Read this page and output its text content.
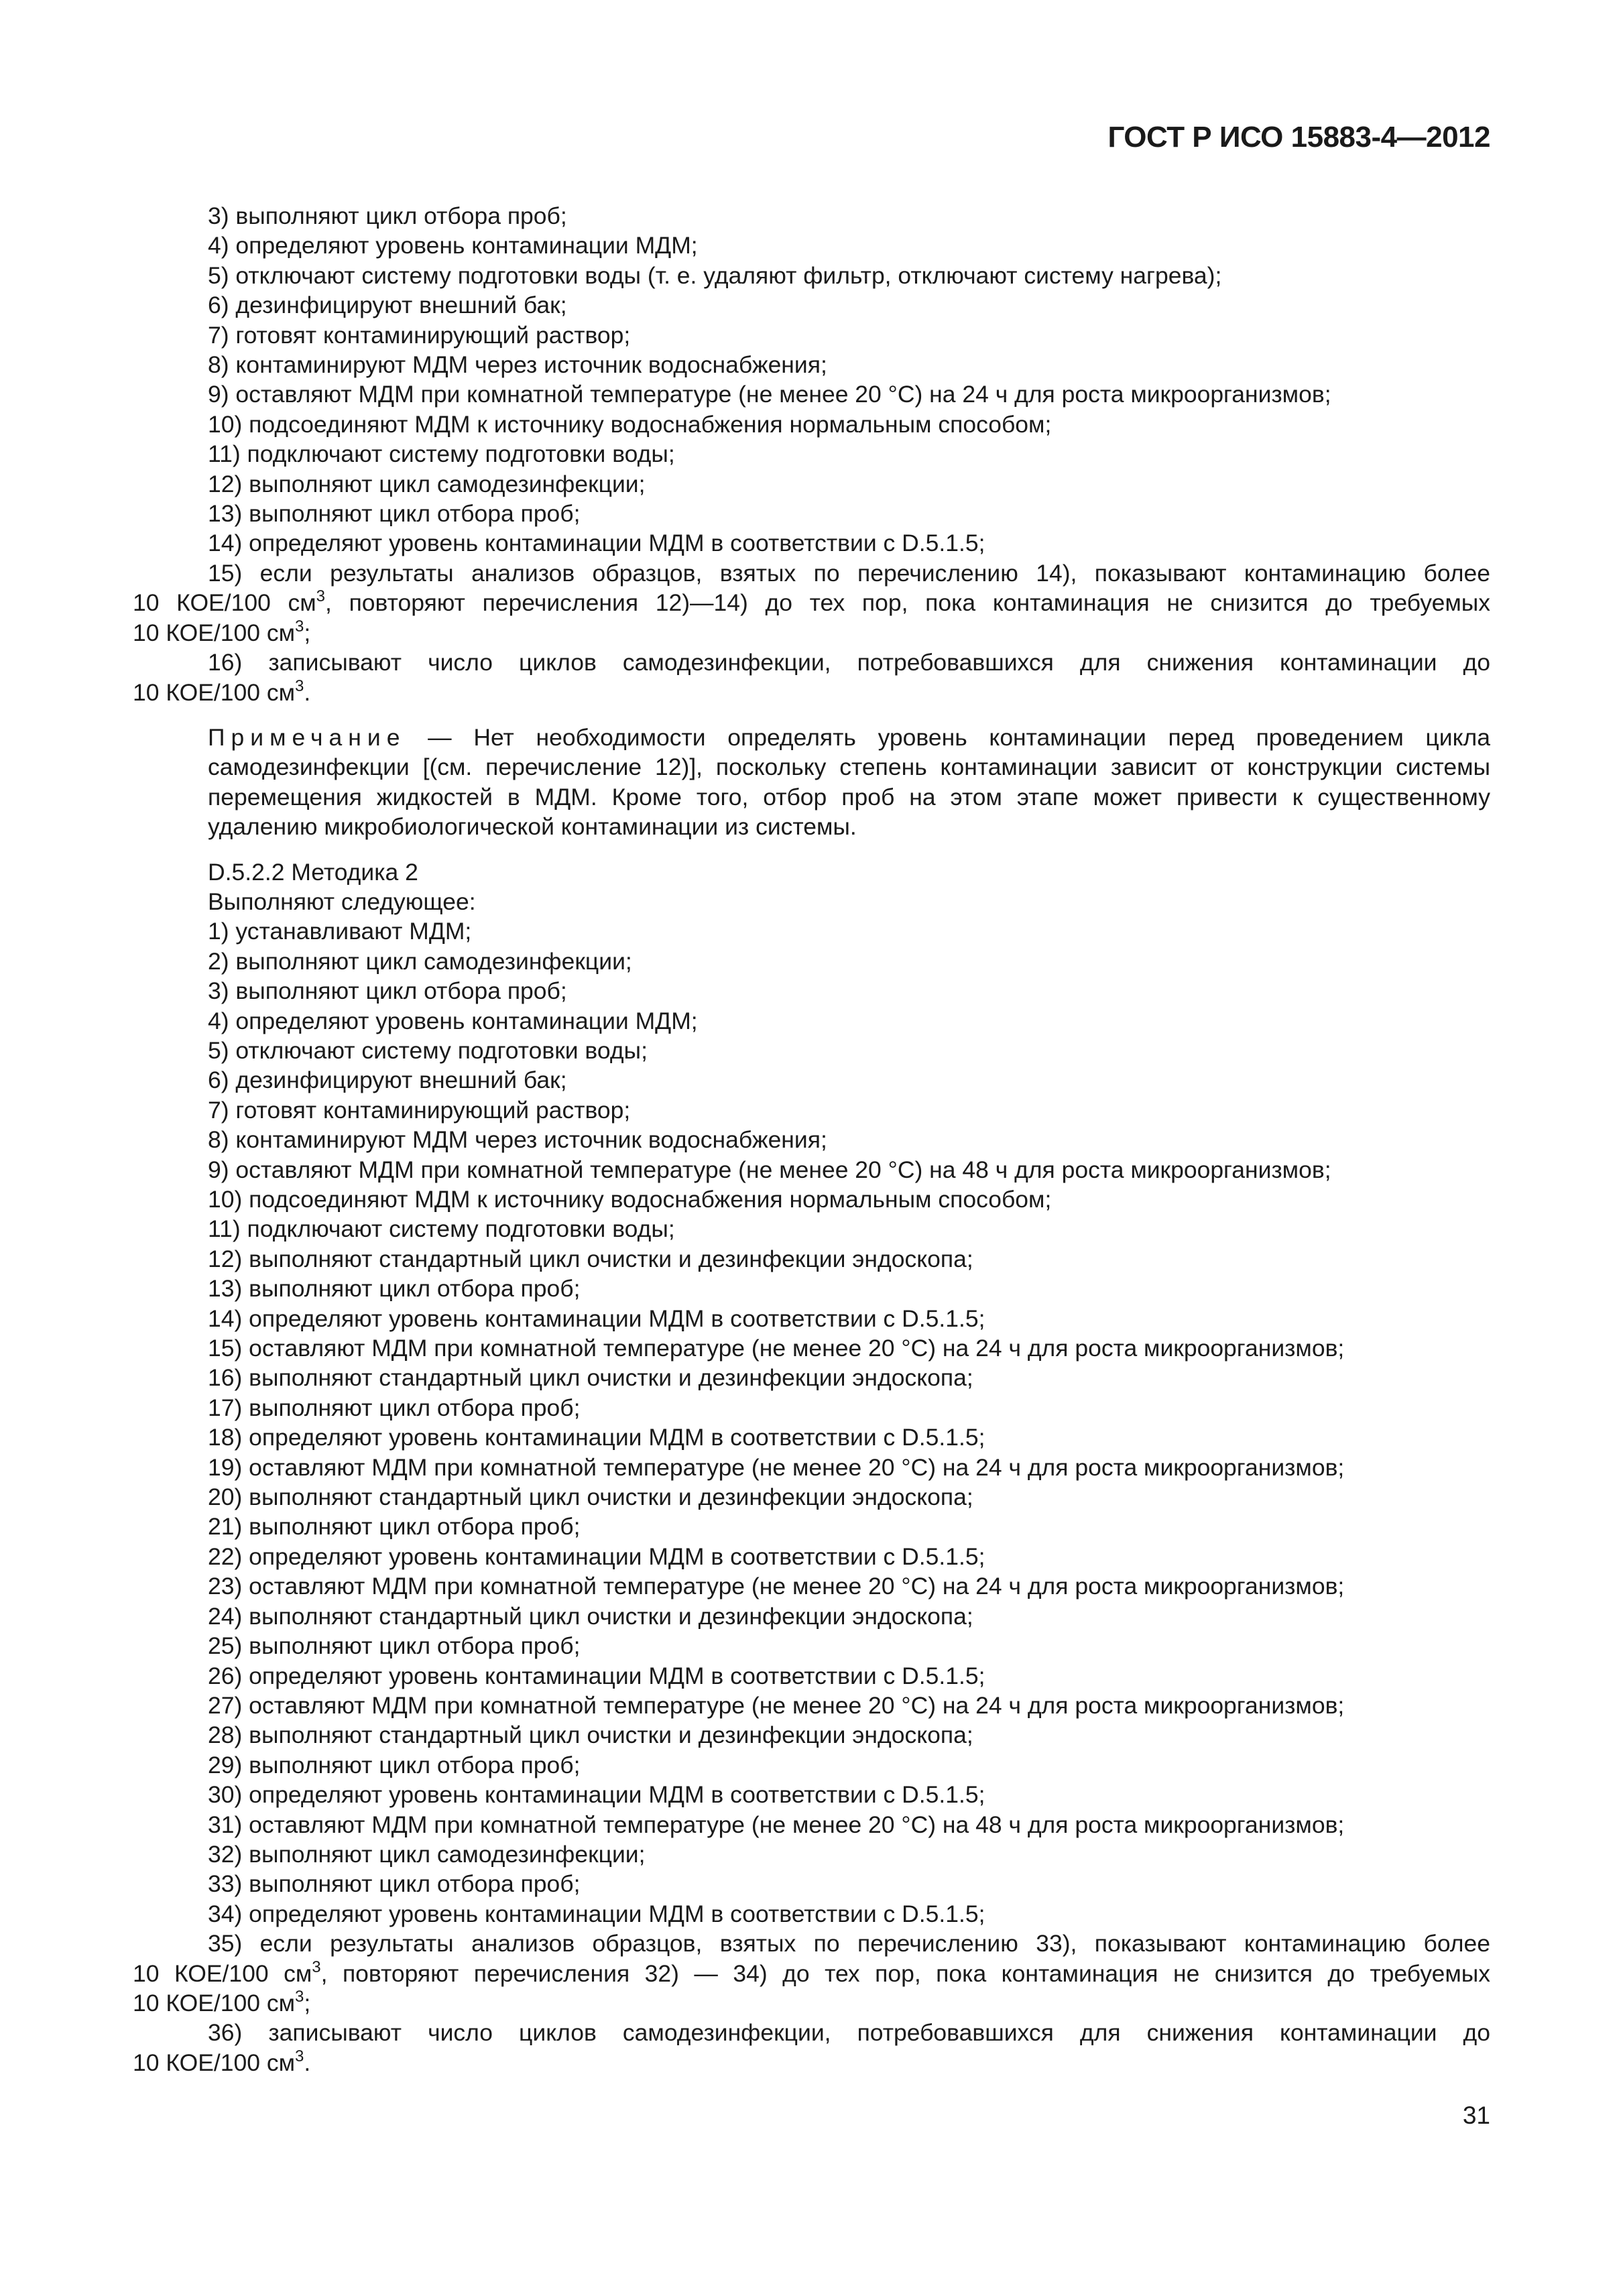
ГОСТ Р ИСО 15883-4—2012
3) выполняют цикл отбора проб;
4) определяют уровень контаминации МДМ;
5) отключают систему подготовки воды (т. е. удаляют фильтр, отключают систему нагрева);
6) дезинфицируют внешний бак;
7) готовят контаминирующий раствор;
8) контаминируют МДМ через источник водоснабжения;
9) оставляют МДМ при комнатной температуре (не менее 20 °С) на 24 ч для роста микроорганизмов;
10) подсоединяют МДМ к источнику водоснабжения нормальным способом;
11) подключают систему подготовки воды;
12) выполняют цикл самодезинфекции;
13) выполняют цикл отбора проб;
14) определяют уровень контаминации МДМ в соответствии с D.5.1.5;
15) если результаты анализов образцов, взятых по перечислению 14), показывают контаминацию более
10 КОЕ/100 $см^3$, повторяют перечисления 12)—14) до тех пор, пока контаминация не снизится до требуемых
10 КОЕ/100 $см^3$;
16) записывают число циклов самодезинфекции, потребовавшихся для снижения контаминации до
10 КОЕ/100 $см^3$.
Примечание — Нет необходимости определять уровень контаминации перед проведением цикла самодезинфекции [(см. перечисление 12)], поскольку степень контаминации зависит от конструкции системы перемещения жидкостей в МДМ. Кроме того, отбор проб на этом этапе может привести к существенному удалению микробиологической контаминации из системы.
D.5.2.2 Методика 2
Выполняют следующее:
1) устанавливают МДМ;
2) выполняют цикл самодезинфекции;
3) выполняют цикл отбора проб;
4) определяют уровень контаминации МДМ;
5) отключают систему подготовки воды;
6) дезинфицируют внешний бак;
7) готовят контаминирующий раствор;
8) контаминируют МДМ через источник водоснабжения;
9) оставляют МДМ при комнатной температуре (не менее 20 °С) на 48 ч для роста микроорганизмов;
10) подсоединяют МДМ к источнику водоснабжения нормальным способом;
11) подключают систему подготовки воды;
12) выполняют стандартный цикл очистки и дезинфекции эндоскопа;
13) выполняют цикл отбора проб;
14) определяют уровень контаминации МДМ в соответствии с D.5.1.5;
15) оставляют МДМ при комнатной температуре (не менее 20 °С) на 24 ч для роста микроорганизмов;
16) выполняют стандартный цикл очистки и дезинфекции эндоскопа;
17) выполняют цикл отбора проб;
18) определяют уровень контаминации МДМ в соответствии с D.5.1.5;
19) оставляют МДМ при комнатной температуре (не менее 20 °С) на 24 ч для роста микроорганизмов;
20) выполняют стандартный цикл очистки и дезинфекции эндоскопа;
21) выполняют цикл отбора проб;
22) определяют уровень контаминации МДМ в соответствии с D.5.1.5;
23) оставляют МДМ при комнатной температуре (не менее 20 °С) на 24 ч для роста микроорганизмов;
24) выполняют стандартный цикл очистки и дезинфекции эндоскопа;
25) выполняют цикл отбора проб;
26) определяют уровень контаминации МДМ в соответствии с D.5.1.5;
27) оставляют МДМ при комнатной температуре (не менее 20 °С) на 24 ч для роста микроорганизмов;
28) выполняют стандартный цикл очистки и дезинфекции эндоскопа;
29) выполняют цикл отбора проб;
30) определяют уровень контаминации МДМ в соответствии с D.5.1.5;
31) оставляют МДМ при комнатной температуре (не менее 20 °С) на 48 ч для роста микроорганизмов;
32) выполняют цикл самодезинфекции;
33) выполняют цикл отбора проб;
34) определяют уровень контаминации МДМ в соответствии с D.5.1.5;
35) если результаты анализов образцов, взятых по перечислению 33), показывают контаминацию более
10 КОЕ/100 $см^3$, повторяют перечисления 32) — 34) до тех пор, пока контаминация не снизится до требуемых
10 КОЕ/100 $см^3$;
36) записывают число циклов самодезинфекции, потребовавшихся для снижения контаминации до
10 КОЕ/100 $см^3$.
31
